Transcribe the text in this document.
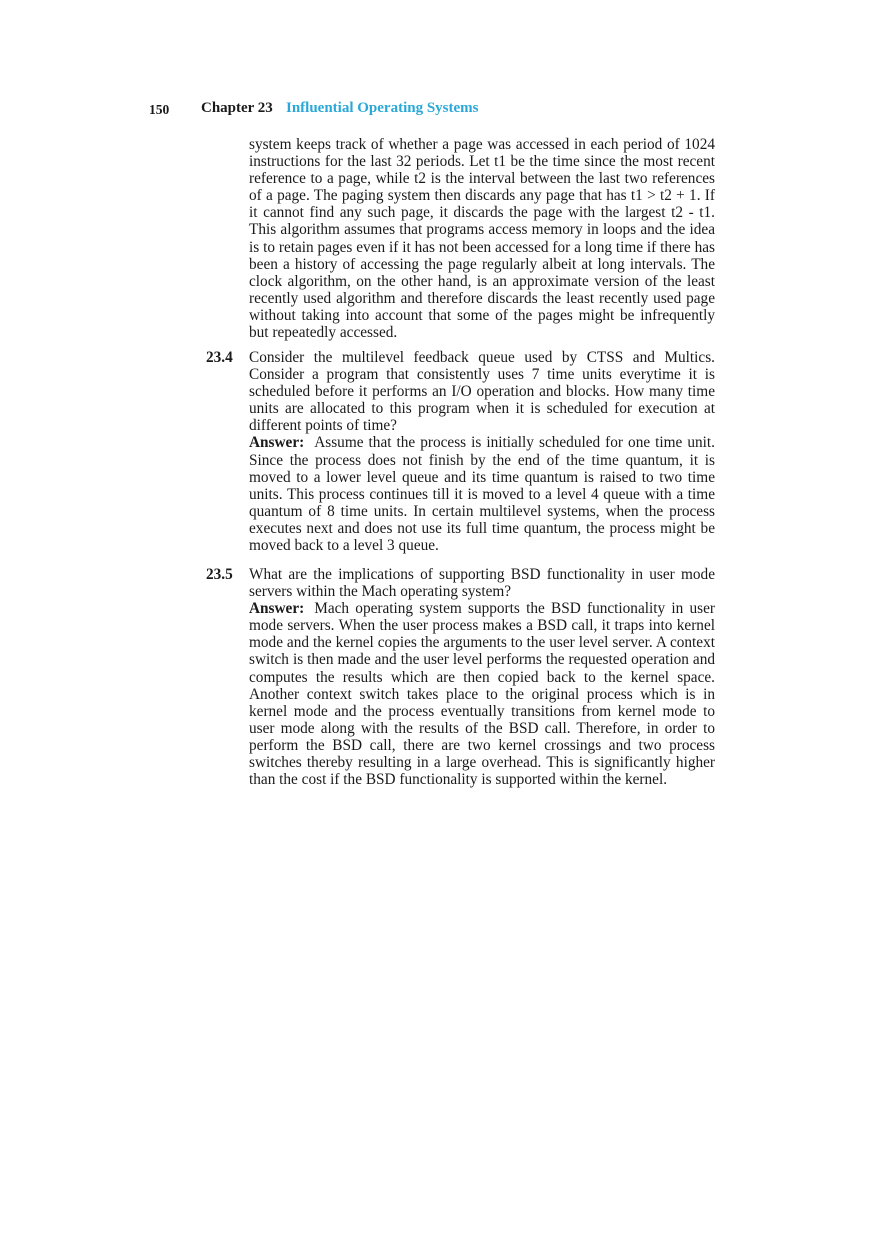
150 Chapter 23 Influential Operating Systems

system keeps track of whether a page was accessed in each period of 1024 instructions for the last 32 periods. Let t1 be the time since the most recent reference to a page, while t2 is the interval between the last two references of a page. The paging system then discards any page that has t1 > t2 + 1. If it cannot find any such page, it discards the page with the largest t2 - t1. This algorithm assumes that programs access memory in loops and the idea is to retain pages even if it has not been accessed for a long time if there has been a history of accessing the page regularly albeit at long intervals. The clock algorithm, on the other hand, is an approximate version of the least recently used algorithm and therefore discards the least recently used page without taking into account that some of the pages might be infrequently but repeatedly accessed.

23.4 Consider the multilevel feedback queue used by CTSS and Multics. Consider a program that consistently uses 7 time units everytime it is scheduled before it performs an I/O operation and blocks. How many time units are allocated to this program when it is scheduled for execution at different points of time?

Answer: Assume that the process is initially scheduled for one time unit. Since the process does not finish by the end of the time quantum, it is moved to a lower level queue and its time quantum is raised to two time units. This process continues till it is moved to a level 4 queue with a time quantum of 8 time units. In certain multilevel systems, when the process executes next and does not use its full time quantum, the process might be moved back to a level 3 queue.

23.5 What are the implications of supporting BSD functionality in user mode servers within the Mach operating system?

Answer: Mach operating system supports the BSD functionality in user mode servers. When the user process makes a BSD call, it traps into kernel mode and the kernel copies the arguments to the user level server. A context switch is then made and the user level performs the requested operation and computes the results which are then copied back to the kernel space. Another context switch takes place to the original process which is in kernel mode and the process eventually transitions from kernel mode to user mode along with the results of the BSD call. Therefore, in order to perform the BSD call, there are two kernel crossings and two process switches thereby resulting in a large overhead. This is significantly higher than the cost if the BSD functionality is supported within the kernel.
